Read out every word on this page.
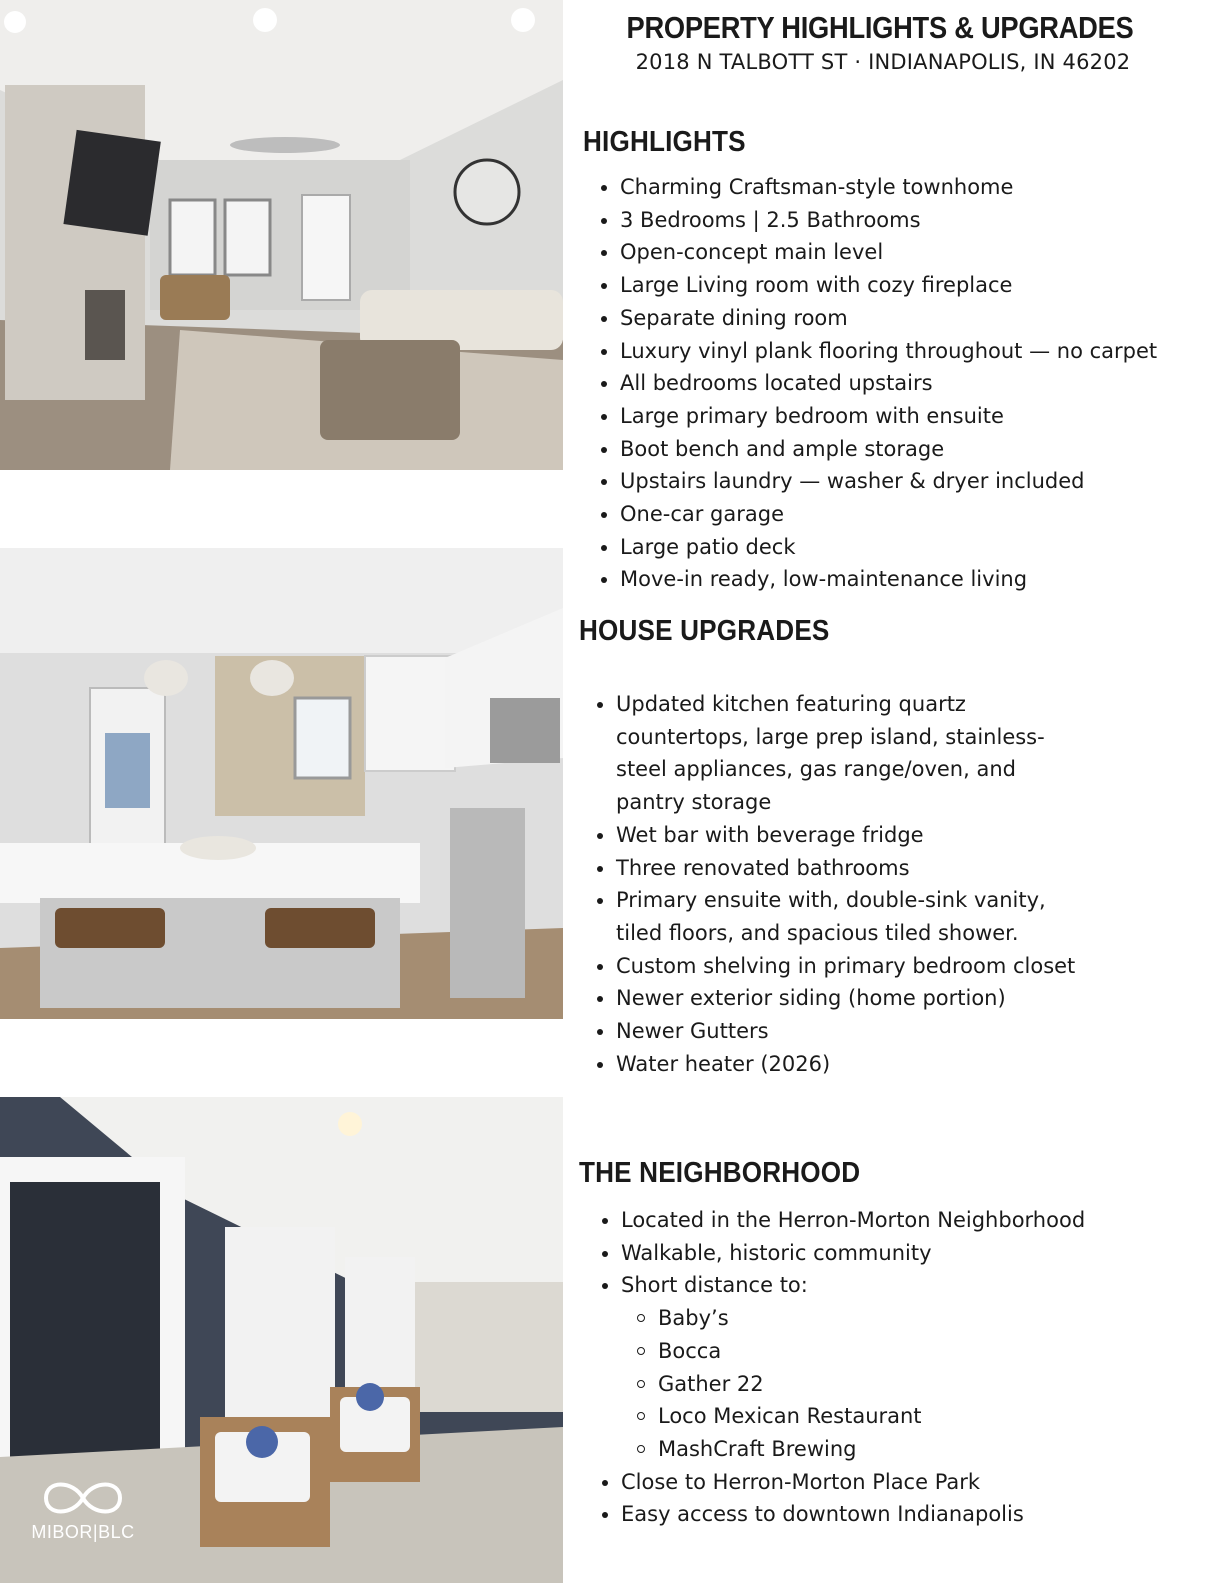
MIBOR|BLC
PROPERTY HIGHLIGHTS & UPGRADES

2018 N TALBOTT ST · INDIANAPOLIS, IN 46202

HIGHLIGHTS
Charming Craftsman-style townhome
3 Bedrooms | 2.5 Bathrooms
Open-concept main level
Large Living room with cozy fireplace
Separate dining room
Luxury vinyl plank flooring throughout — no carpet
All bedrooms located upstairs
Large primary bedroom with ensuite
Boot bench and ample storage
Upstairs laundry — washer & dryer included
One-car garage
Large patio deck
Move-in ready, low-maintenance living
HOUSE UPGRADES
Updated kitchen featuring quartz countertops, large prep island, stainless-steel appliances, gas range/oven, and pantry storage
Wet bar with beverage fridge
Three renovated bathrooms
Primary ensuite with, double-sink vanity, tiled floors, and spacious tiled shower.
Custom shelving in primary bedroom closet
Newer exterior siding (home portion)
Newer Gutters
Water heater (2026)
THE NEIGHBORHOOD
Located in the Herron-Morton Neighborhood
Walkable, historic community
Short distance to:
Baby’s
Bocca
Gather 22
Loco Mexican Restaurant
MashCraft Brewing
Close to Herron-Morton Place Park
Easy access to downtown Indianapolis
